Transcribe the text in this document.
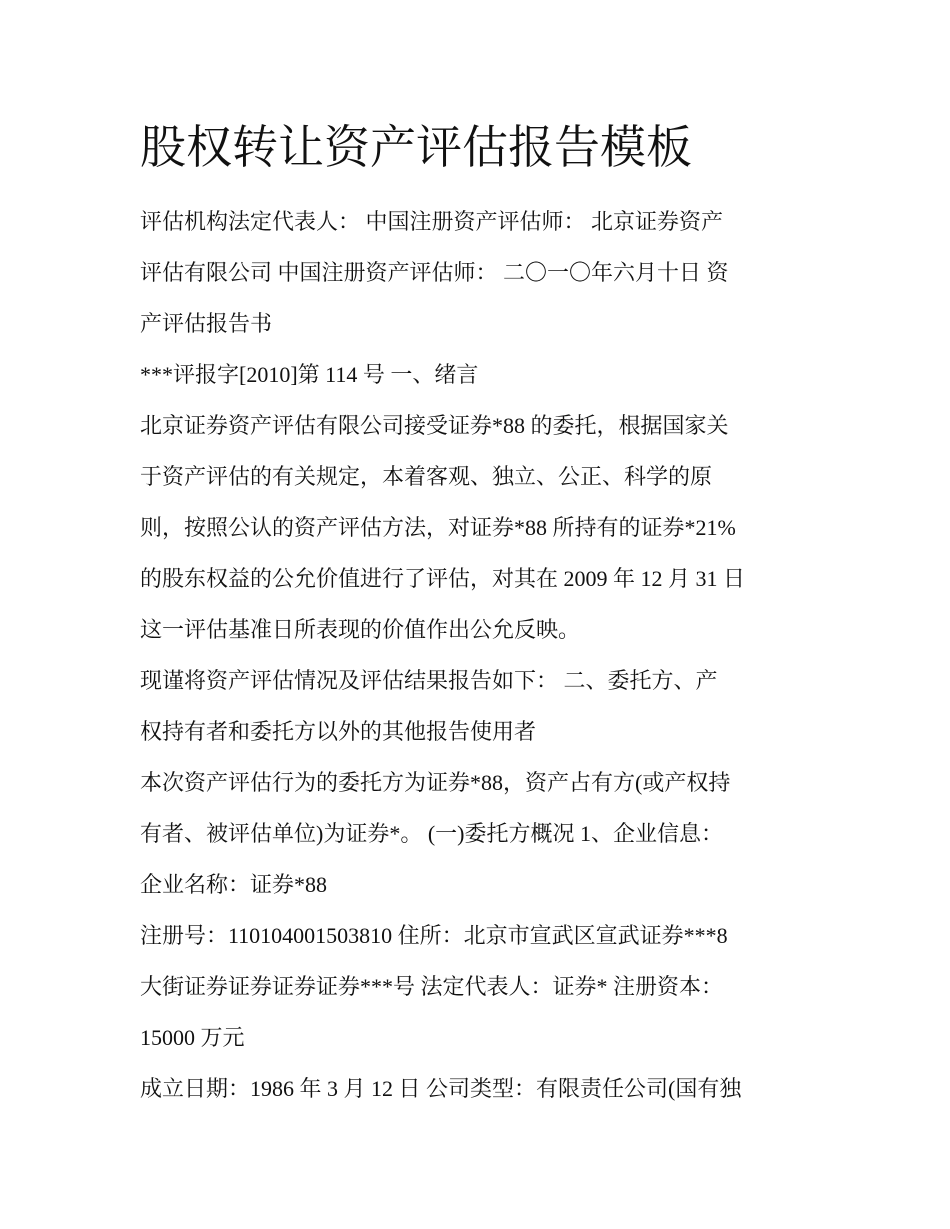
股权转让资产评估报告模板
评估机构法定代表人： 中国注册资产评估师： 北京证券资产
评估有限公司 中国注册资产评估师： 二〇一〇年六月十日 资
产评估报告书
***评报字[2010]第 114 号 一、绪言
北京证券资产评估有限公司接受证券*88 的委托，根据国家关
于资产评估的有关规定，本着客观、独立、公正、科学的原
则，按照公认的资产评估方法，对证券*88 所持有的证券*21%
的股东权益的公允价值进行了评估，对其在 2009 年 12 月 31 日
这一评估基准日所表现的价值作出公允反映。
现谨将资产评估情况及评估结果报告如下： 二、委托方、产
权持有者和委托方以外的其他报告使用者
本次资产评估行为的委托方为证券*88，资产占有方(或产权持
有者、被评估单位)为证券*。 (一)委托方概况 1、企业信息：
企业名称：证券*88
注册号：110104001503810 住所：北京市宣武区宣武证券***8
大街证券证券证券证券***号 法定代表人：证券* 注册资本：
15000 万元
成立日期：1986 年 3 月 12 日 公司类型：有限责任公司(国有独
